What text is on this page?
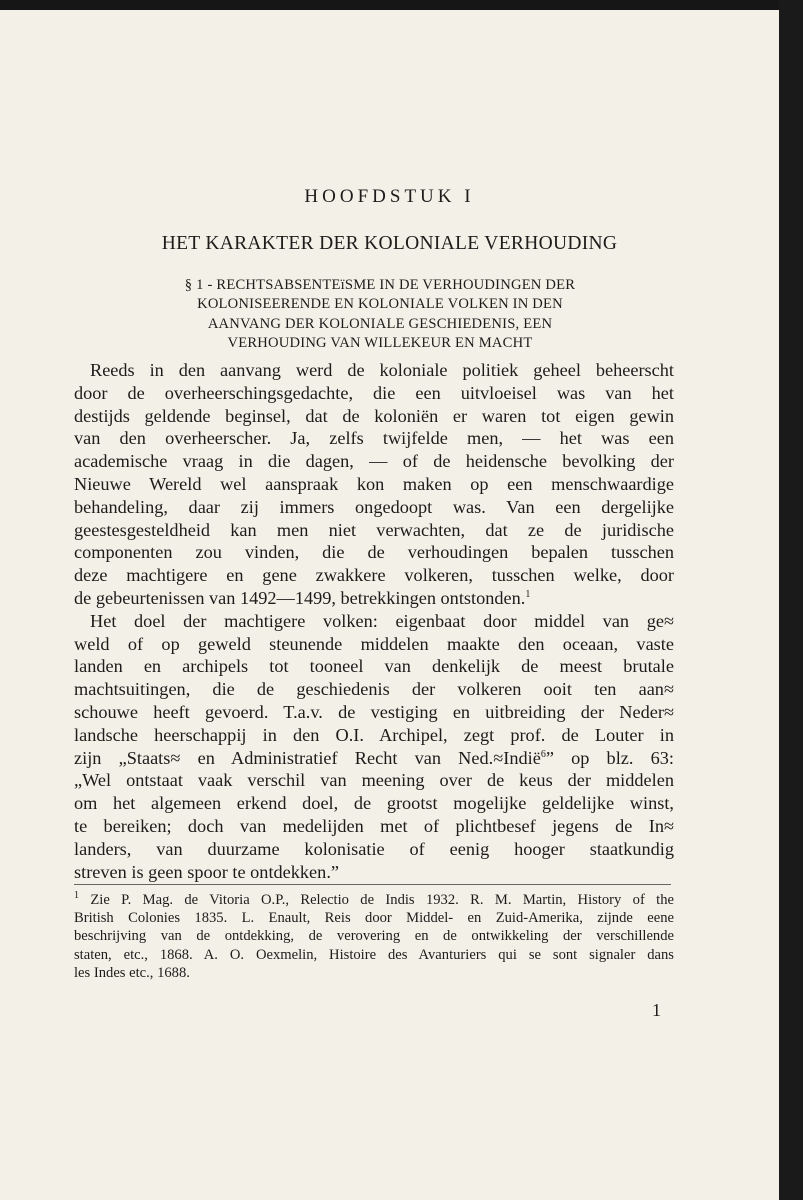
HOOFDSTUK I
HET KARAKTER DER KOLONIALE VERHOUDING
§ 1 - RECHTSABSENTEïSME IN DE VERHOUDINGEN DER
KOLONISEERENDE EN KOLONIALE VOLKEN IN DEN
AANVANG DER KOLONIALE GESCHIEDENIS, EEN
VERHOUDING VAN WILLEKEUR EN MACHT
Reeds in den aanvang werd de koloniale politiek geheel beheerscht
door de overheerschingsgedachte, die een uitvloeisel was van het
destijds geldende beginsel, dat de koloniën er waren tot eigen gewin
van den overheerscher. Ja, zelfs twijfelde men, — het was een
academische vraag in die dagen, — of de heidensche bevolking der
Nieuwe Wereld wel aanspraak kon maken op een menschwaardige
behandeling, daar zij immers ongedoopt was. Van een dergelijke
geestesgesteldheid kan men niet verwachten, dat ze de juridische
componenten zou vinden, die de verhoudingen bepalen tusschen
deze machtigere en gene zwakkere volkeren, tusschen welke, door
de gebeurtenissen van 1492—1499, betrekkingen ontstonden.$^1$
Het doel der machtigere volken: eigenbaat door middel van ge≈
weld of op geweld steunende middelen maakte den oceaan, vaste
landen en archipels tot tooneel van denkelijk de meest brutale
machtsuitingen, die de geschiedenis der volkeren ooit ten aan≈
schouwe heeft gevoerd. T.a.v. de vestiging en uitbreiding der Neder≈
landsche heerschappij in den O.I. Archipel, zegt prof. de Louter in
zijn „Staats≈ en Administratief Recht van Ned.≈Indië$^6$” op blz. 63:
„Wel ontstaat vaak verschil van meening over de keus der middelen
om het algemeen erkend doel, de grootst mogelijke geldelijke winst,
te bereiken; doch van medelijden met of plichtbesef jegens de In≈
landers, van duurzame kolonisatie of eenig hooger staatkundig
streven is geen spoor te ontdekken.”
$^1$ Zie P. Mag. de Vitoria O.P., Relectio de Indis 1932. R. M. Martin, History of the
British Colonies 1835. L. Enault, Reis door Middel- en Zuid-Amerika, zijnde eene
beschrijving van de ontdekking, de verovering en de ontwikkeling der verschillende
staten, etc., 1868. A. O. Oexmelin, Histoire des Avanturiers qui se sont signaler dans
les Indes etc., 1688.
1
